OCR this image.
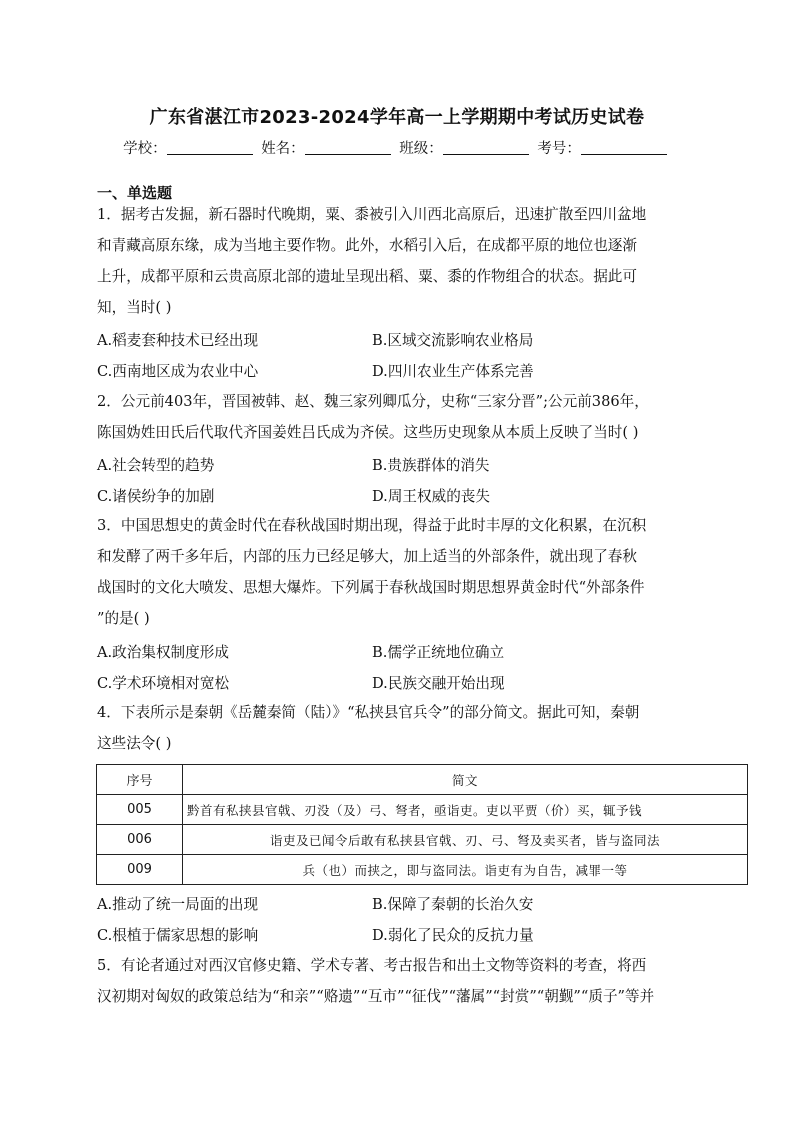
广东省湛江市2023-2024学年高一上学期期中考试历史试卷
学校：	姓名：	班级：	考号：
一、单选题
1．据考古发掘，新石器时代晚期，粟、黍被引入川西北高原后，迅速扩散至四川盆地
和青藏高原东缘，成为当地主要作物。此外，水稻引入后，在成都平原的地位也逐渐
上升，成都平原和云贵高原北部的遗址呈现出稻、粟、黍的作物组合的状态。据此可
知，当时( )
A.稻麦套种技术已经出现	B.区域交流影响农业格局
C.西南地区成为农业中心	D.四川农业生产体系完善
2．公元前403年，晋国被韩、赵、魏三家列卿瓜分，史称“三家分晋”;公元前386年，
陈国妫姓田氏后代取代齐国姜姓吕氏成为齐侯。这些历史现象从本质上反映了当时( )
A.社会转型的趋势	B.贵族群体的消失
C.诸侯纷争的加剧	D.周王权威的丧失
3．中国思想史的黄金时代在春秋战国时期出现，得益于此时丰厚的文化积累，在沉积
和发酵了两千多年后，内部的压力已经足够大，加上适当的外部条件，就出现了春秋
战国时的文化大喷发、思想大爆炸。下列属于春秋战国时期思想界黄金时代“外部条件
”的是( )
A.政治集权制度形成	B.儒学正统地位确立
C.学术环境相对宽松	D.民族交融开始出现
4．下表所示是秦朝《岳麓秦简（陆）》“私挟县官兵令”的部分简文。据此可知，秦朝
这些法令( )
序号	简文
005	黔首有私挟县官戟、刃没（及）弓、弩者，亟诣吏。吏以平贾（价）买，辄予钱
006	诣吏及已闻令后敢有私挟县官戟、刃、弓、弩及卖买者，皆与盗同法
009	兵（也）而挟之，即与盗同法。诣吏有为自告，减罪一等
A.推动了统一局面的出现	B.保障了秦朝的长治久安
C.根植于儒家思想的影响	D.弱化了民众的反抗力量
5．有论者通过对西汉官修史籍、学术专著、考古报告和出土文物等资料的考查，将西
汉初期对匈奴的政策总结为“和亲”“赂遗”“互市”“征伐”“藩属”“封赏”“朝觐”“质子”等并
